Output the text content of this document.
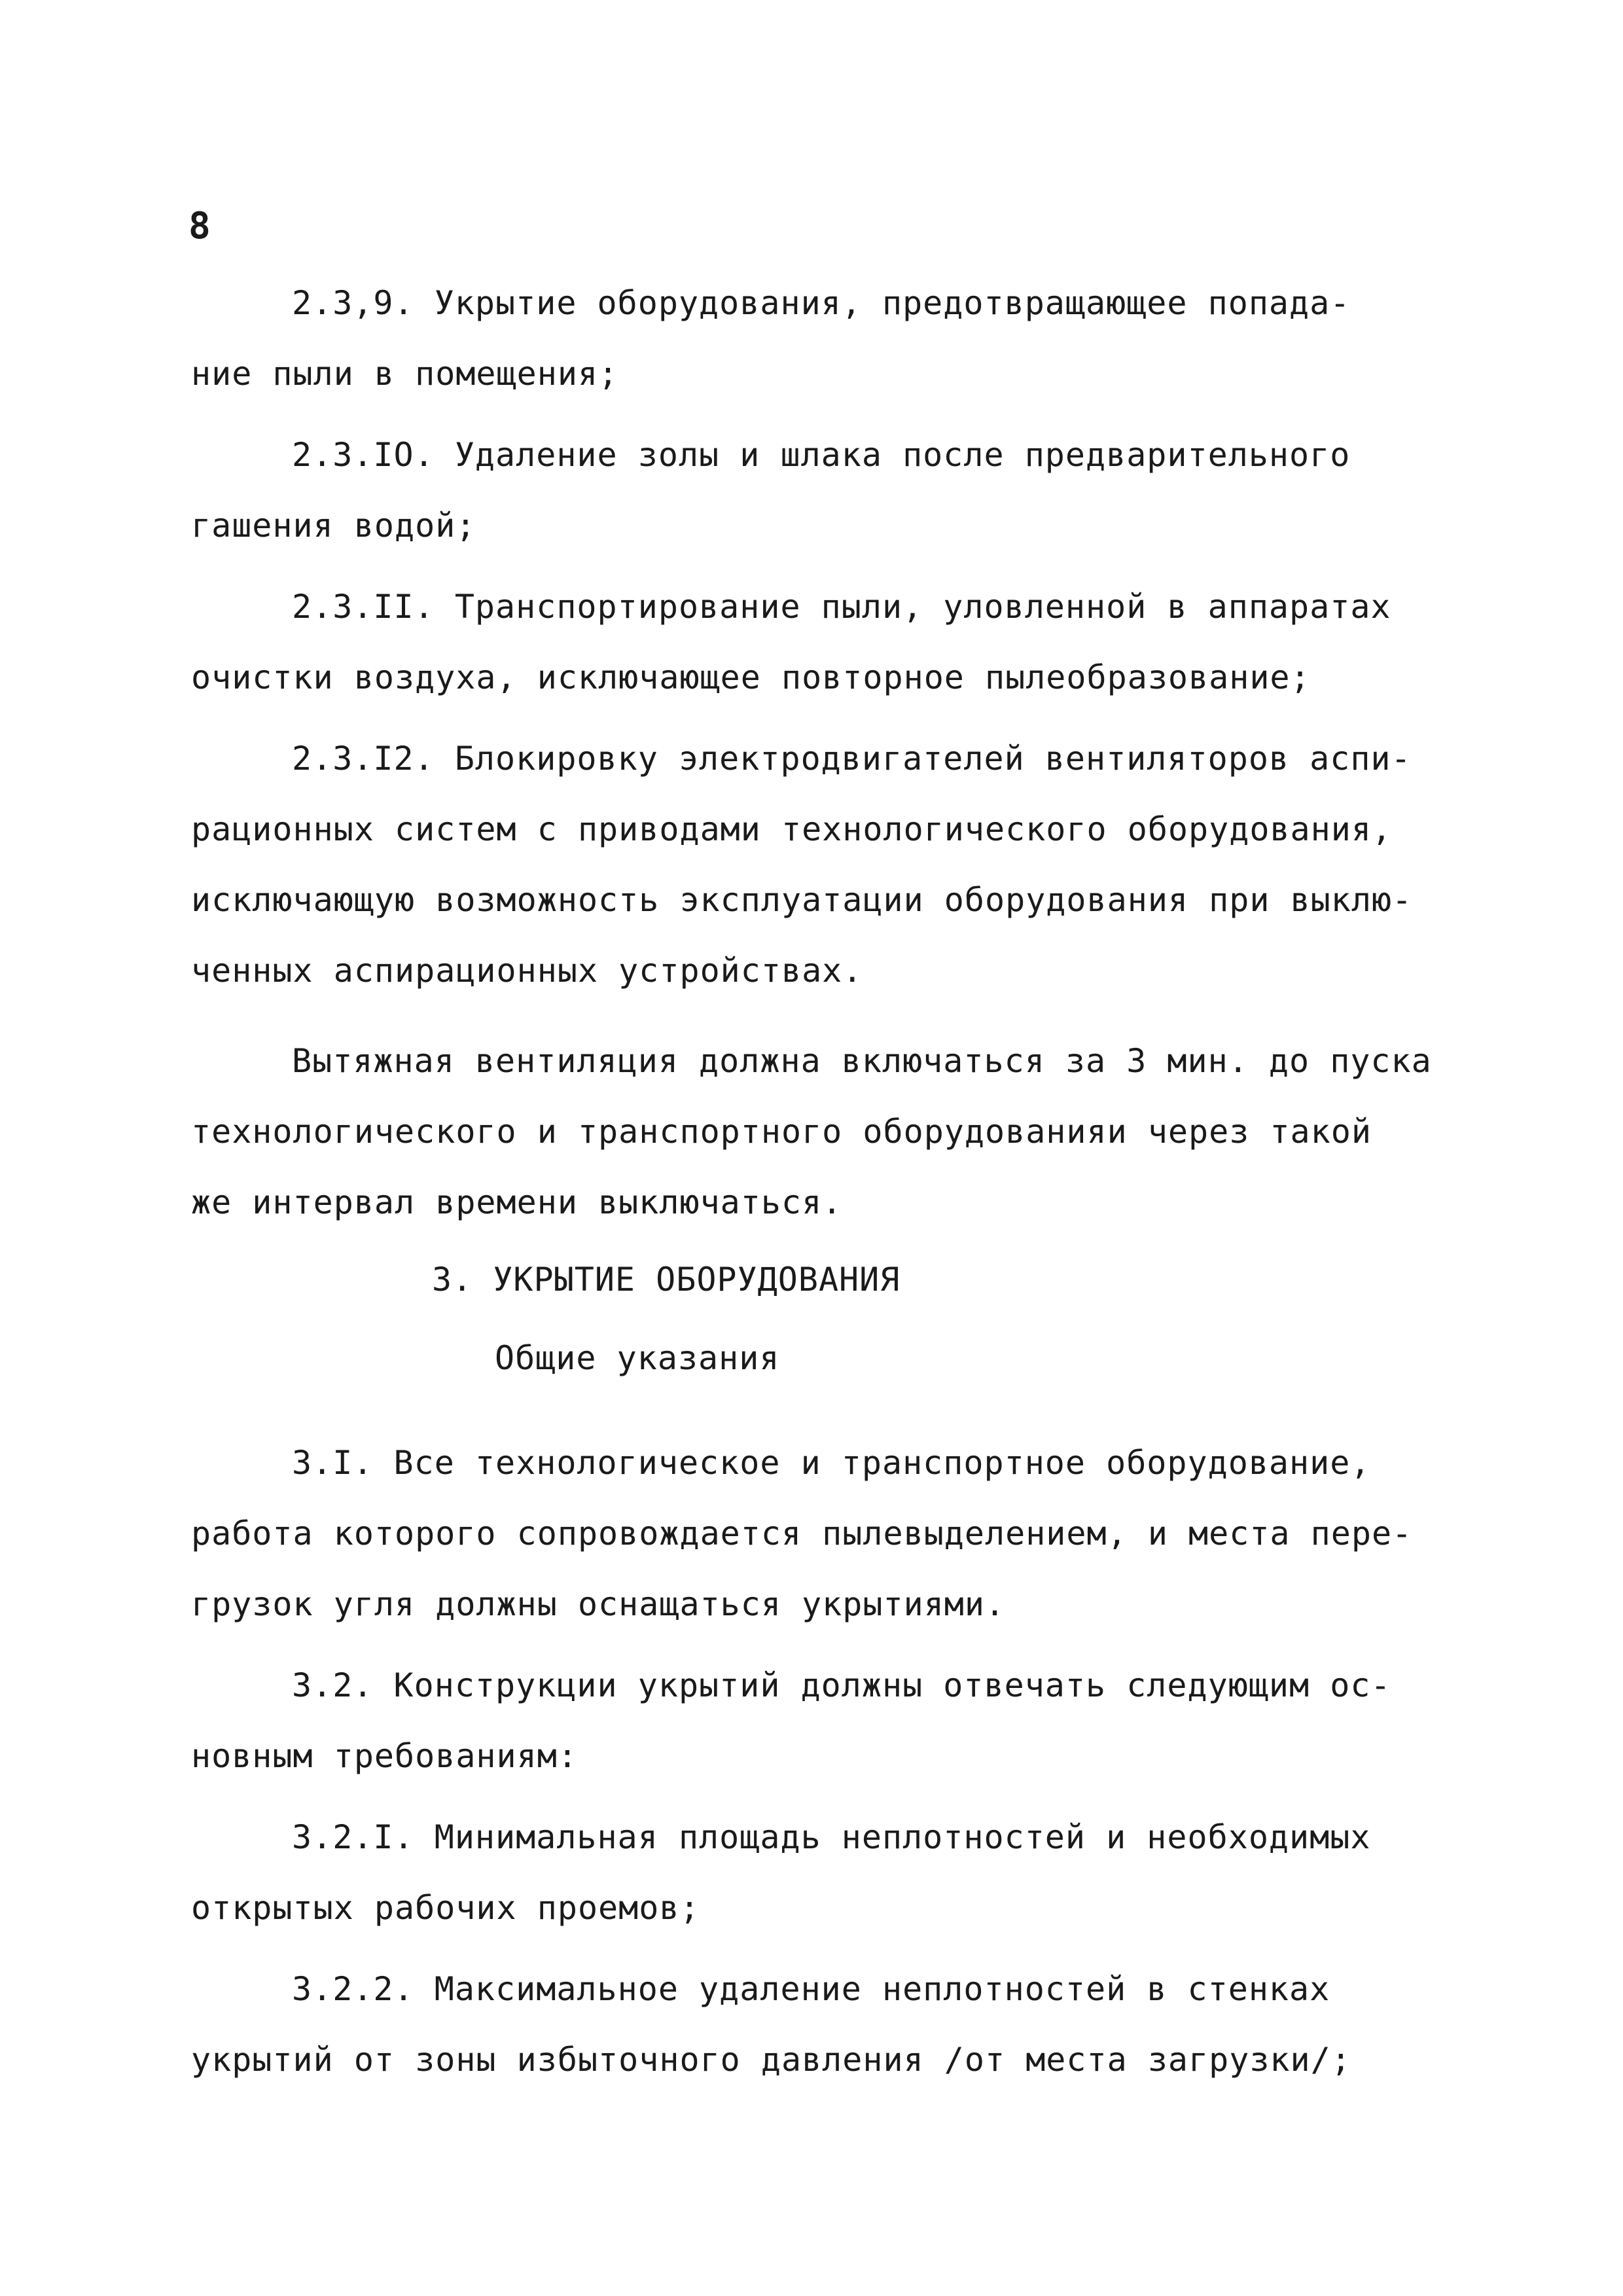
8
2.3,9. Укрытие оборудования, предотвращающее попада-
ние пыли в помещения;
2.3.IO. Удаление золы и шлака после предварительного
гашения водой;
2.3.II. Транспортирование пыли, уловленной в аппаратах
очистки воздуха, исключающее повторное пылеобразование;
2.3.I2. Блокировку электродвигателей вентиляторов аспи-
рационных систем с приводами технологического оборудования,
исключающую возможность эксплуатации оборудования при выклю-
ченных аспирационных устройствах.
Вытяжная вентиляция должна включаться за 3 мин. до пуска
технологического и транспортного оборудованияи через такой
же интервал времени выключаться.
3. УКРЫТИЕ ОБОРУДОВАНИЯ
Общие указания
3.I. Все технологическое и транспортное оборудование,
работа которого сопровождается пылевыделением, и места пере-
грузок угля должны оснащаться укрытиями.
3.2. Конструкции укрытий должны отвечать следующим ос-
новным требованиям:
3.2.I. Минимальная площадь неплотностей и необходимых
открытых рабочих проемов;
3.2.2. Максимальное удаление неплотностей в стенках
укрытий от зоны избыточного давления /от места загрузки/;
